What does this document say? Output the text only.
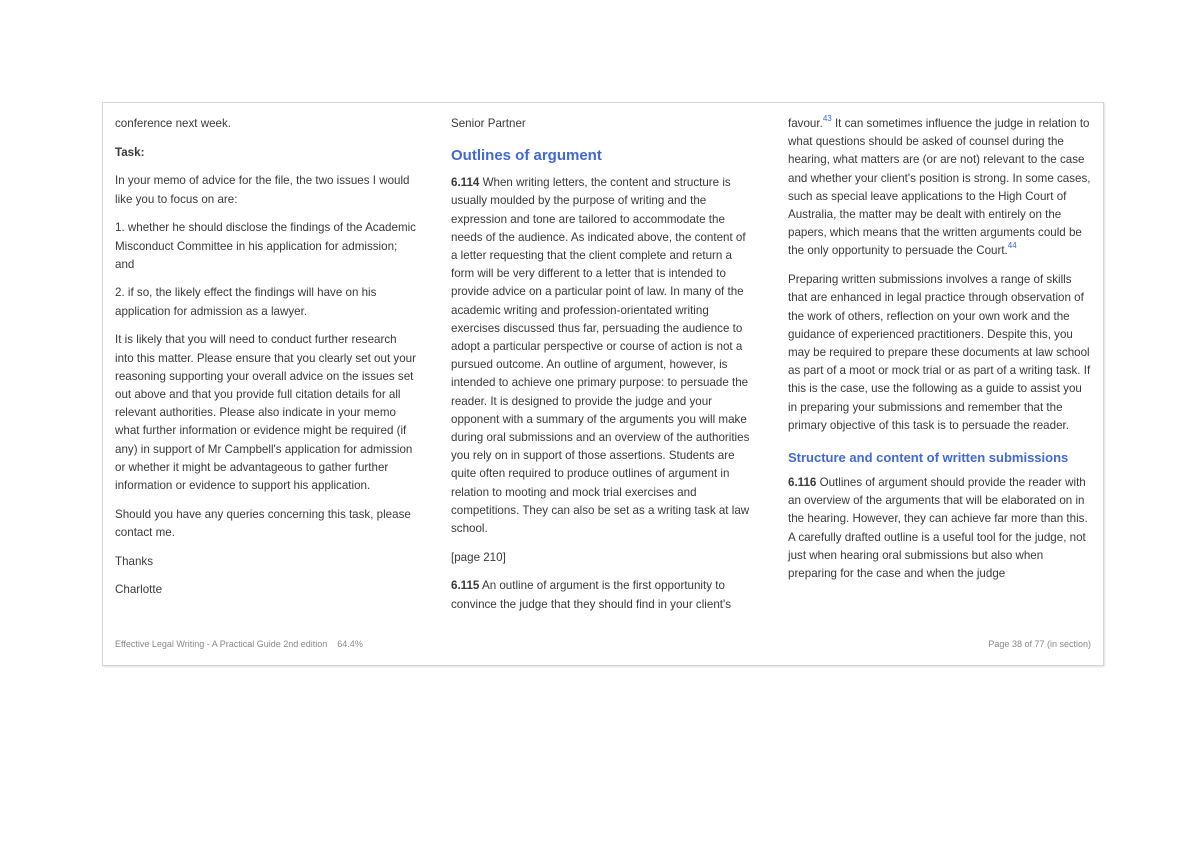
conference next week.

Task:

In your memo of advice for the file, the two issues I would like you to focus on are:

1. whether he should disclose the findings of the Academic Misconduct Committee in his application for admission; and

2. if so, the likely effect the findings will have on his application for admission as a lawyer.

It is likely that you will need to conduct further research into this matter. Please ensure that you clearly set out your reasoning supporting your overall advice on the issues set out above and that you provide full citation details for all relevant authorities. Please also indicate in your memo what further information or evidence might be required (if any) in support of Mr Campbell's application for admission or whether it might be advantageous to gather further information or evidence to support his application.

Should you have any queries concerning this task, please contact me.

Thanks

Charlotte

Senior Partner

Outlines of argument

6.114 When writing letters, the content and structure is usually moulded by the purpose of writing and the expression and tone are tailored to accommodate the needs of the audience. As indicated above, the content of a letter requesting that the client complete and return a form will be very different to a letter that is intended to provide advice on a particular point of law. In many of the academic writing and profession-orientated writing exercises discussed thus far, persuading the audience to adopt a particular perspective or course of action is not a pursued outcome. An outline of argument, however, is intended to achieve one primary purpose: to persuade the reader. It is designed to provide the judge and your opponent with a summary of the arguments you will make during oral submissions and an overview of the authorities you rely on in support of those assertions. Students are quite often required to produce outlines of argument in relation to mooting and mock trial exercises and competitions. They can also be set as a writing task at law school.

[page 210]

6.115 An outline of argument is the first opportunity to convince the judge that they should find in your client's

favour.$^{43}$ It can sometimes influence the judge in relation to what questions should be asked of counsel during the hearing, what matters are (or are not) relevant to the case and whether your client's position is strong. In some cases, such as special leave applications to the High Court of Australia, the matter may be dealt with entirely on the papers, which means that the written arguments could be the only opportunity to persuade the Court.$^{44}$

Preparing written submissions involves a range of skills that are enhanced in legal practice through observation of the work of others, reflection on your own work and the guidance of experienced practitioners. Despite this, you may be required to prepare these documents at law school as part of a moot or mock trial or as part of a writing task. If this is the case, use the following as a guide to assist you in preparing your submissions and remember that the primary objective of this task is to persuade the reader.

Structure and content of written submissions

6.116 Outlines of argument should provide the reader with an overview of the arguments that will be elaborated on in the hearing. However, they can achieve far more than this. A carefully drafted outline is a useful tool for the judge, not just when hearing oral submissions but also when preparing for the case and when the judge

Effective Legal Writing - A Practical Guide 2nd edition 64.4%	Page 38 of 77 (in section)
